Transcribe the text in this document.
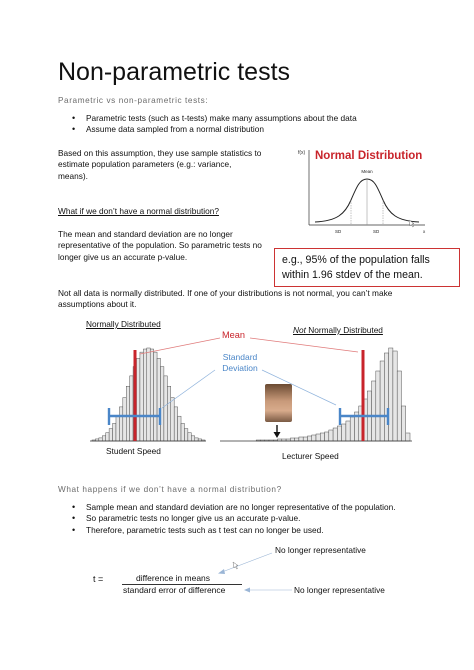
Non-parametric tests
Parametric vs non-parametric tests:
• Parametric tests (such as t-tests) make many assumptions about the data
• Assume data sampled from a normal distribution
Based on this assumption, they use sample statistics to estimate population parameters (e.g.: variance, means).
What if we don’t have a normal distribution?
The mean and standard deviation are no longer representative of the population. So parametric tests no longer give us an accurate p-value.
f(x) Normal Distribution
Mean
SD	SD	x
e.g., 95% of the population falls within 1.96 stdev of the mean.
Not all data is normally distributed. If one of your distributions is not normal, you can’t make assumptions about it.
Normally Distributed
Not Normally Distributed
Mean
Standard Deviation
Student Speed	Lecturer Speed
What happens if we don’t have a normal distribution?
• Sample mean and standard deviation are no longer representative of the population.
• So parametric tests no longer give us an accurate p-value.
• Therefore, parametric tests such as t test can no longer be used.
No longer representative
t =	difference in means
standard error of difference	No longer representative
